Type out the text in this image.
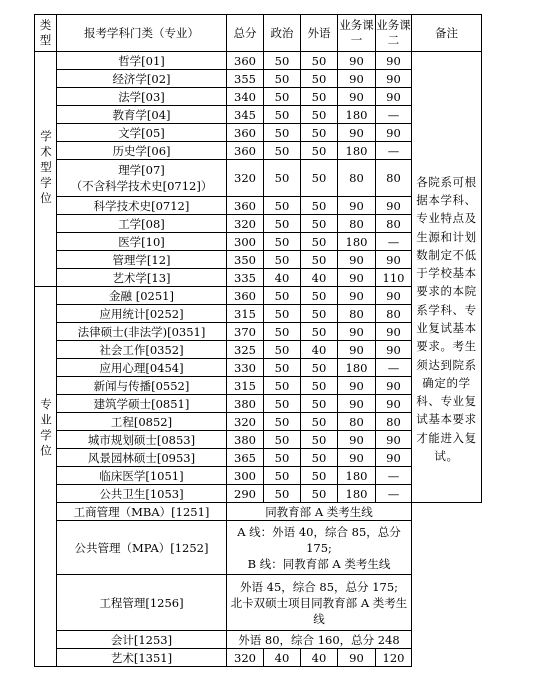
类型	报考学科门类（专业）	总分	政治	外语	业务课一	业务课二	备注

学术型学位	哲学[01]	360	50	50	90	90	各院系可根据本学科、专业特点及生源和计划数制定不低于学校基本要求的本院系学科、专业复试基本要求。考生须达到院系确定的学科、专业复试基本要求才能进入复试。

	经济学[02]	355	50	50	90	90	

	法学[03]	340	50	50	90	90	

	教育学[04]	345	50	50	180	—	

	文学[05]	360	50	50	90	90	

	历史学[06]	360	50	50	180	—	

	理学[07]
（不含科学技术史[0712]）	320	50	50	80	80	

	科学技术史[0712]	360	50	50	90	90	

	工学[08]	320	50	50	80	80	

	医学[10]	300	50	50	180	—	

	管理学[12]	350	50	50	90	90	

	艺术学[13]	335	40	40	90	110	

专业学位	金融 [0251]	360	50	50	90	90	
	应用统计[0252]	315	50	50	80	80	
	法律硕士(非法学)[0351]	370	50	50	90	90	
	社会工作[0352]	325	50	40	90	90	
	应用心理[0454]	330	50	50	180	—	
	新闻与传播[0552]	315	50	50	90	90	
	建筑学硕士[0851]	380	50	50	90	90	
	工程[0852]	320	50	50	80	80	
	城市规划硕士[0853]	380	50	50	90	90	
	风景园林硕士[0953]	365	50	50	90	90	
	临床医学[1051]	300	50	50	180	—	
	公共卫生[1053]	290	50	50	180	—	
	工商管理（MBA）[1251]	同教育部 A 类考生线					
	公共管理（MPA）[1252]	A 线：外语 40，综合 85，总分 175;
B 线：同教育部 A 类考生线					

	工程管理[1256]	外语 45，综合 85，总分 175;
北卡双硕士项目同教育部 A 类考生线					

	会计[1253]	外语 80，综合 160，总分 248					
	艺术[1351]	320	40	40	90	120	
